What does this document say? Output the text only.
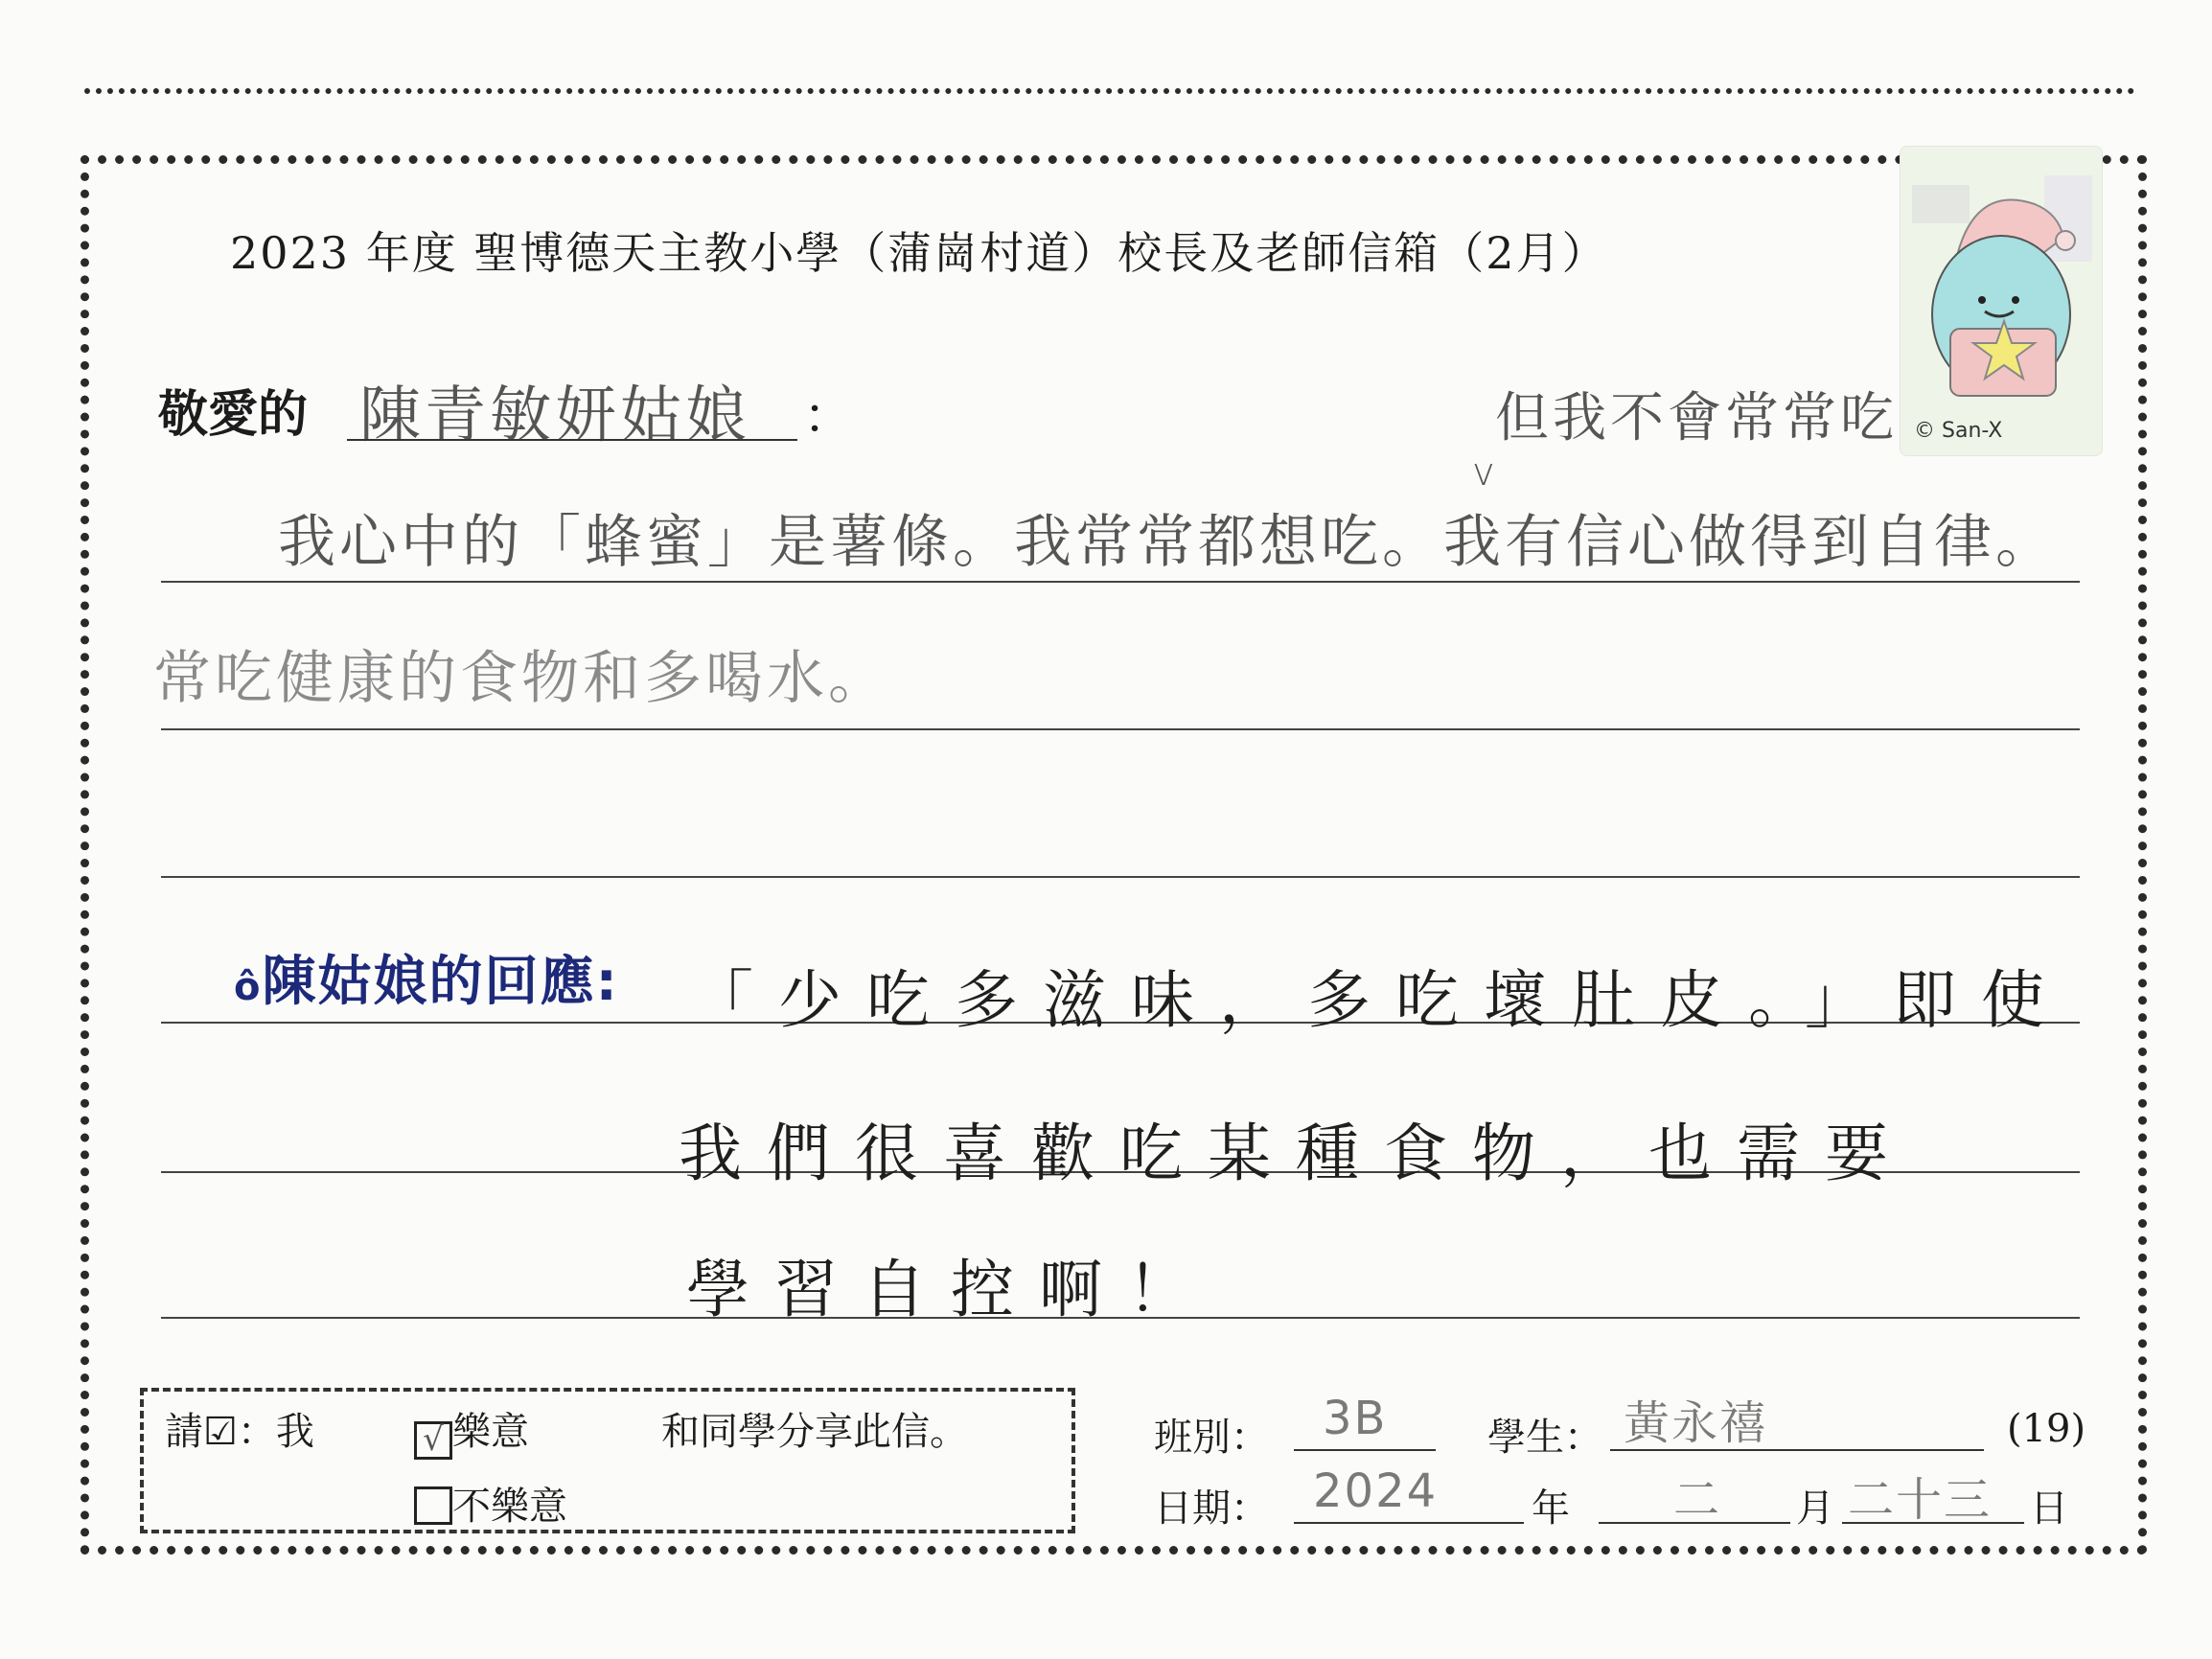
© San-X
2023 年度 聖博德天主教小學（蒲崗村道）校長及老師信箱（2月）
敬愛的 陳青敏妍姑娘 ：
v
但我不會常常吃
我心中的「蜂蜜」是薯條。我常常都想吃。我有信心做得到自律。
常吃健康的食物和多喝水。
ô陳姑娘的回應: 「少吃多滋味，多吃壞肚皮。」即使
我們很喜歡吃某種食物，也需要
學習自控啊！
請☑：我	√ 樂意	和同學分享此信。
不樂意
班別： 3B	學生： 黃永禧	(19)
日期： 2024 年 二 月 二十三 日
